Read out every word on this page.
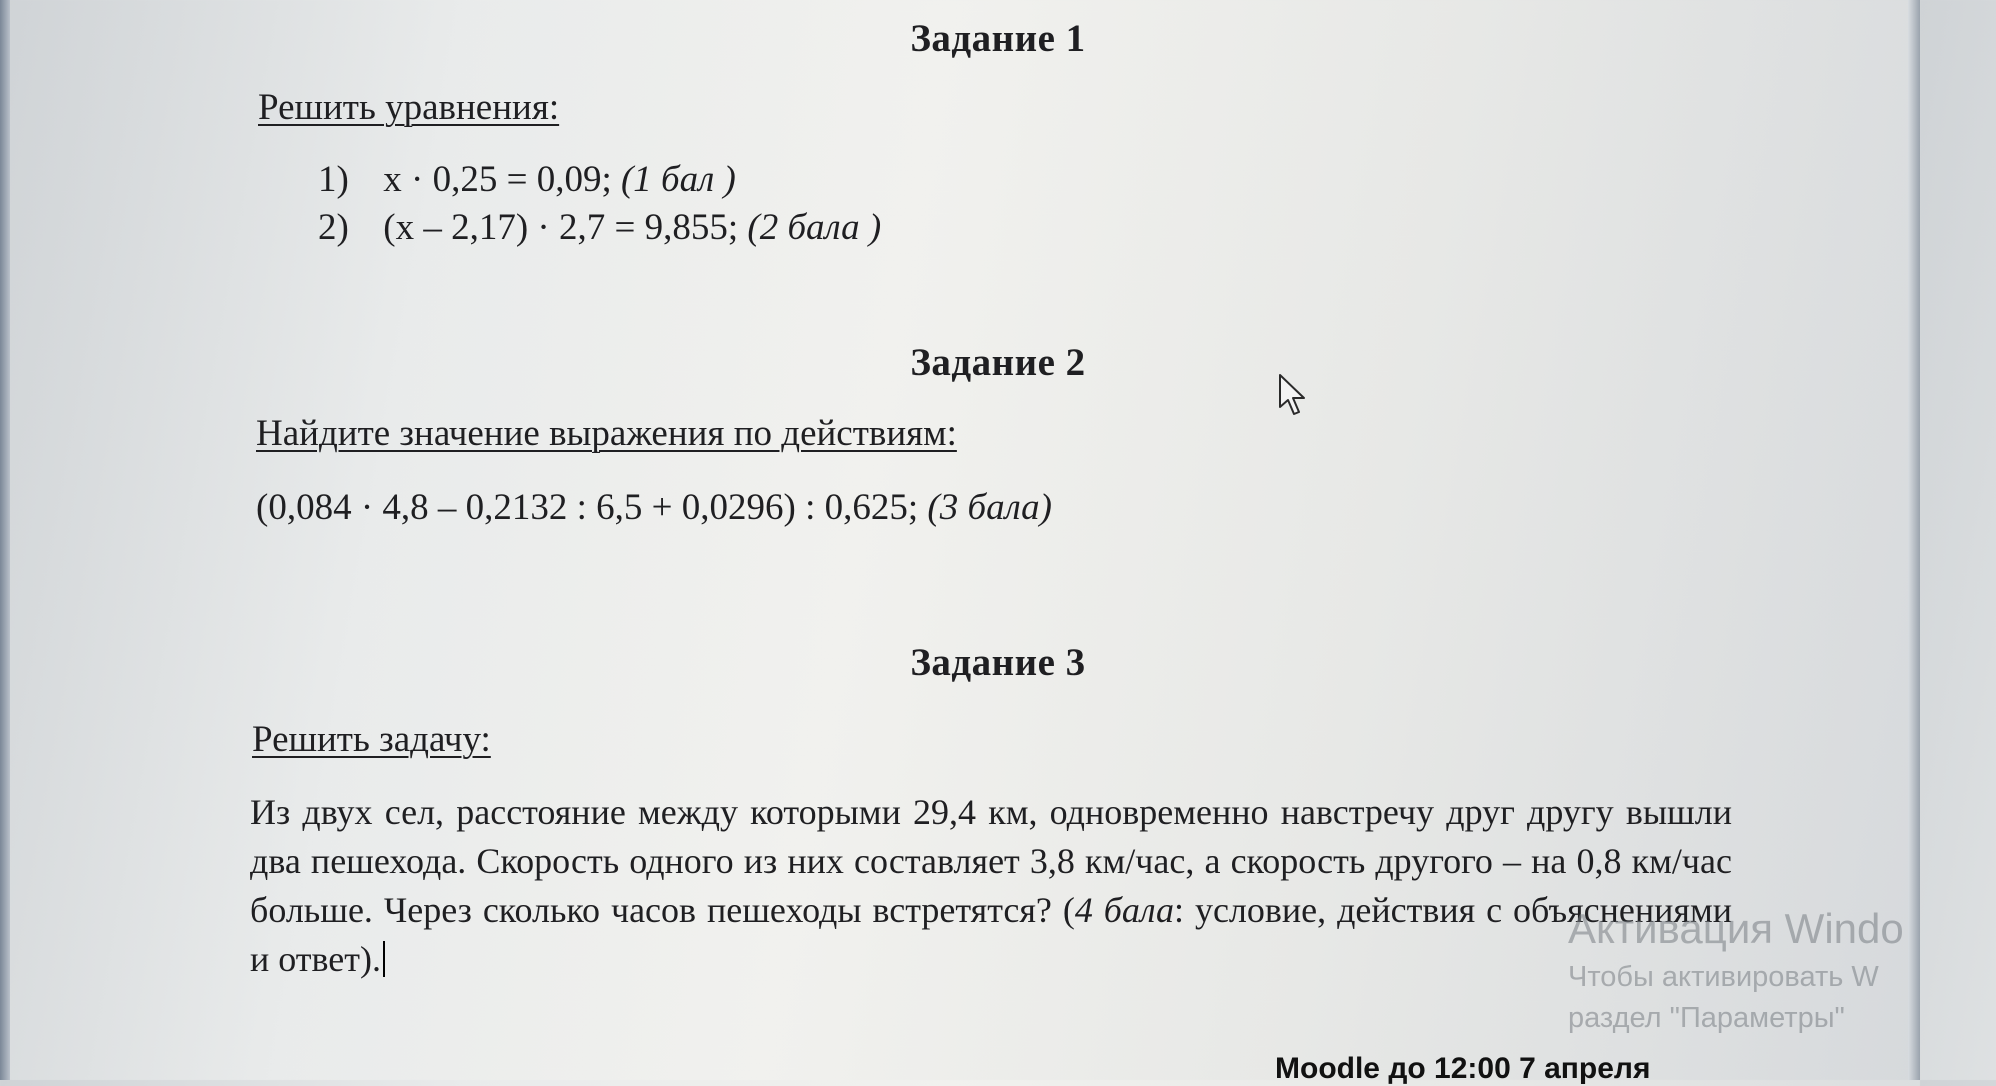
Задание 1
Решить уравнения:
1) x · 0,25 = 0,09; (1 бал )
2) (x – 2,17) · 2,7 = 9,855; (2 бала )
Задание 2
Найдите значение выражения по действиям:
(0,084 · 4,8 – 0,2132 : 6,5 + 0,0296) : 0,625; (3 бала)
Задание 3
Решить задачу:
Из двух сел, расстояние между которыми 29,4 км, одновременно навстречу друг другу вышли два пешехода. Скорость одного из них составляет 3,8 км/час, а скорость другого – на 0,8 км/час больше. Через сколько часов пешеходы встретятся? (4 бала: условие, действия с объяснениями и ответ).
Активация Windo
Чтобы активировать W
раздел "Параметры"
Moodle до 12:00 7 апреля
